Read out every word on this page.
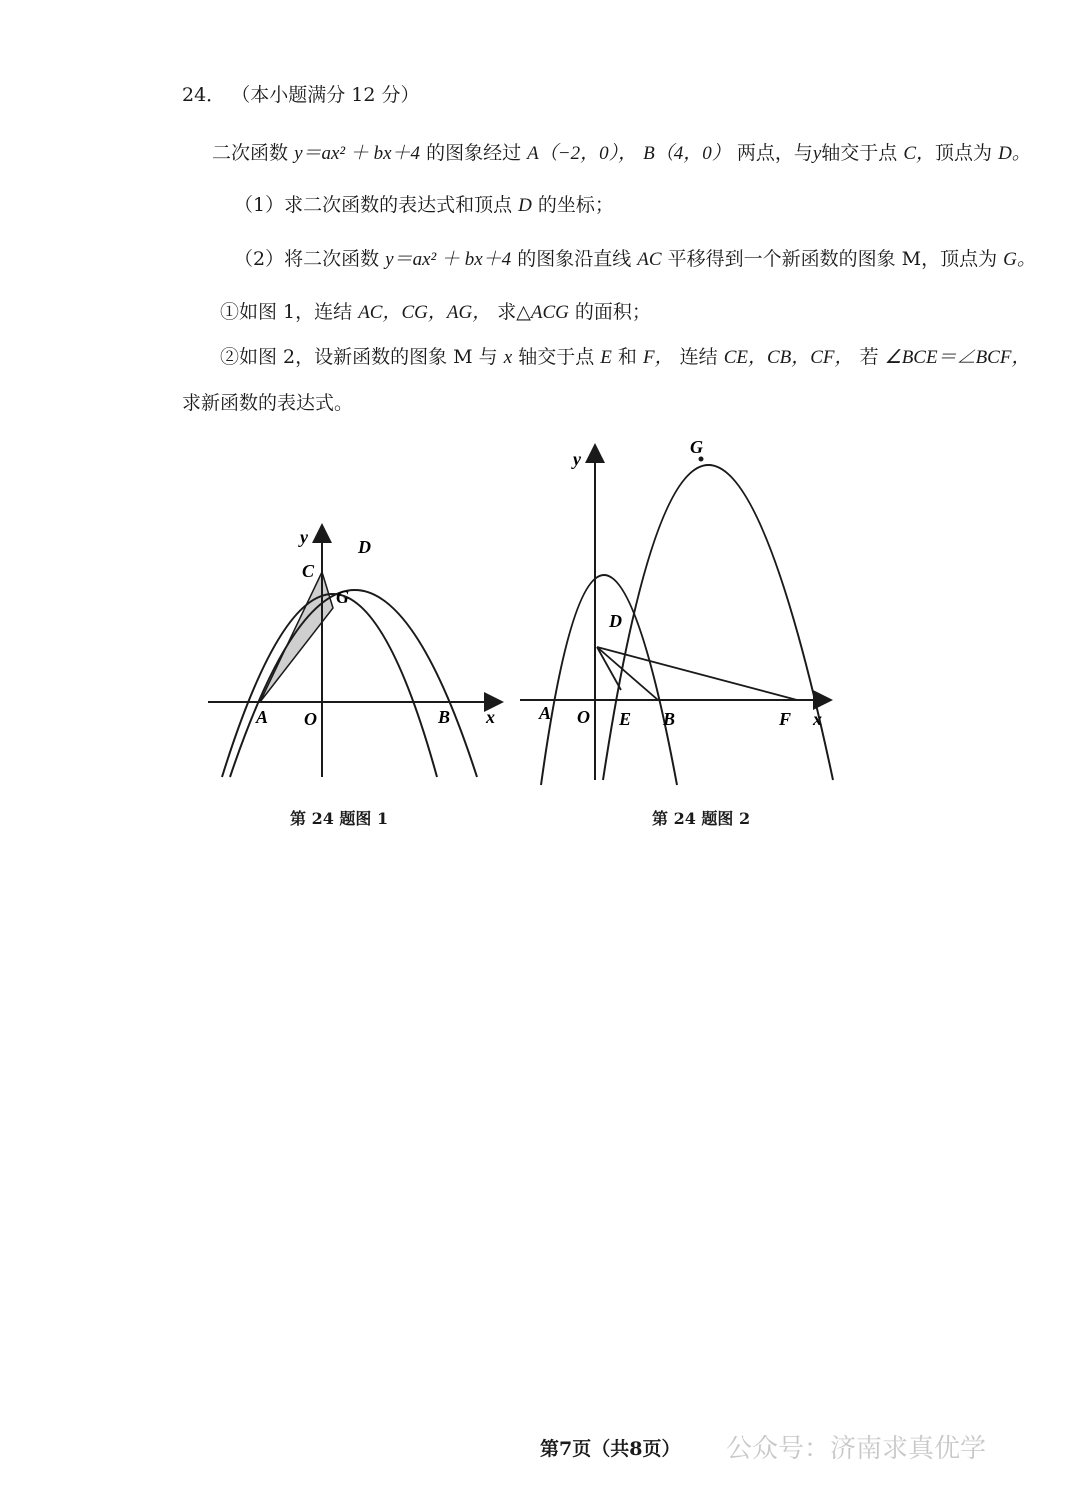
24． （本小题满分 12 分）
二次函数 y＝ax² ＋ bx＋4 的图象经过 A（−2，0）， B（4，0） 两点，与y轴交于点 C，顶点为 D。
（1）求二次函数的表达式和顶点 D 的坐标；
（2）将二次函数 y＝ax² ＋ bx＋4 的图象沿直线 AC 平移得到一个新函数的图象 M，顶点为 G。
①如图 1，连结 AC，CG，AG， 求△ACG 的面积；
②如图 2，设新函数的图象 M 与 x 轴交于点 E 和 F， 连结 CE，CB，CF， 若 ∠BCE＝∠BCF，
求新函数的表达式。
y
x
A O	B
C
D
G
第 24 题图 1
y
x
A O E B	F
D
G
第 24 题图 2
第7页（共8页） 公众号：济南求真优学
